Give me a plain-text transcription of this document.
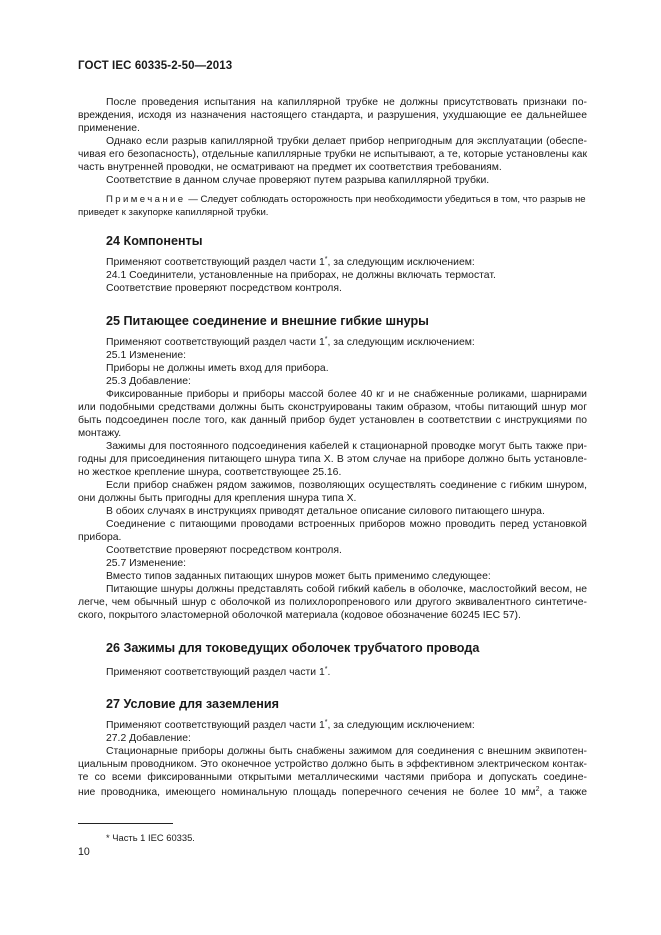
ГОСТ IEC 60335-2-50—2013
После проведения испытания на капиллярной трубке не должны присутствовать признаки по-
вреждения, исходя из назначения настоящего стандарта, и разрушения, ухудшающие ее дальнейшее
применение.
Однако если разрыв капиллярной трубки делает прибор непригодным для эксплуатации (обеспе-
чивая его безопасность), отдельные капиллярные трубки не испытывают, а те, которые установлены как
часть внутренней проводки, не осматривают на предмет их соответствия требованиям.
Соответствие в данном случае проверяют путем разрыва капиллярной трубки.
Примечание — Следует соблюдать осторожность при необходимости убедиться в том, что разрыв не
приведет к закупорке капиллярной трубки.
24 Компоненты
Применяют соответствующий раздел части 1*, за следующим исключением:
24.1 Соединители, установленные на приборах, не должны включать термостат.
Соответствие проверяют посредством контроля.
25 Питающее соединение и внешние гибкие шнуры
Применяют соответствующий раздел части 1*, за следующим исключением:
25.1 Изменение:
Приборы не должны иметь вход для прибора.
25.3 Добавление:
Фиксированные приборы и приборы массой более 40 кг и не снабженные роликами, шарнирами
или подобными средствами должны быть сконструированы таким образом, чтобы питающий шнур мог
быть подсоединен после того, как данный прибор будет установлен в соответствии с инструкциями по
монтажу.
Зажимы для постоянного подсоединения кабелей к стационарной проводке могут быть также при-
годны для присоединения питающего шнура типа X. В этом случае на приборе должно быть установле-
но жесткое крепление шнура, соответствующее 25.16.
Если прибор снабжен рядом зажимов, позволяющих осуществлять соединение с гибким шнуром,
они должны быть пригодны для крепления шнура типа X.
В обоих случаях в инструкциях приводят детальное описание силового питающего шнура.
Соединение с питающими проводами встроенных приборов можно проводить перед установкой
прибора.
Соответствие проверяют посредством контроля.
25.7 Изменение:
Вместо типов заданных питающих шнуров может быть применимо следующее:
Питающие шнуры должны представлять собой гибкий кабель в оболочке, маслостойкий весом, не
легче, чем обычный шнур с оболочкой из полихлоропренового или другого эквивалентного синтетиче-
ского, покрытого эластомерной оболочкой материала (кодовое обозначение 60245 IEC 57).
26 Зажимы для токоведущих оболочек трубчатого провода
Применяют соответствующий раздел части 1*.
27 Условие для заземления
Применяют соответствующий раздел части 1*, за следующим исключением:
27.2 Добавление:
Стационарные приборы должны быть снабжены зажимом для соединения с внешним эквипотен-
циальным проводником. Это оконечное устройство должно быть в эффективном электрическом контак-
те со всеми фиксированными открытыми металлическими частями прибора и допускать соедине-
ние проводника, имеющего номинальную площадь поперечного сечения не более 10 $мм^2$, а также
* Часть 1 IEC 60335.
10
